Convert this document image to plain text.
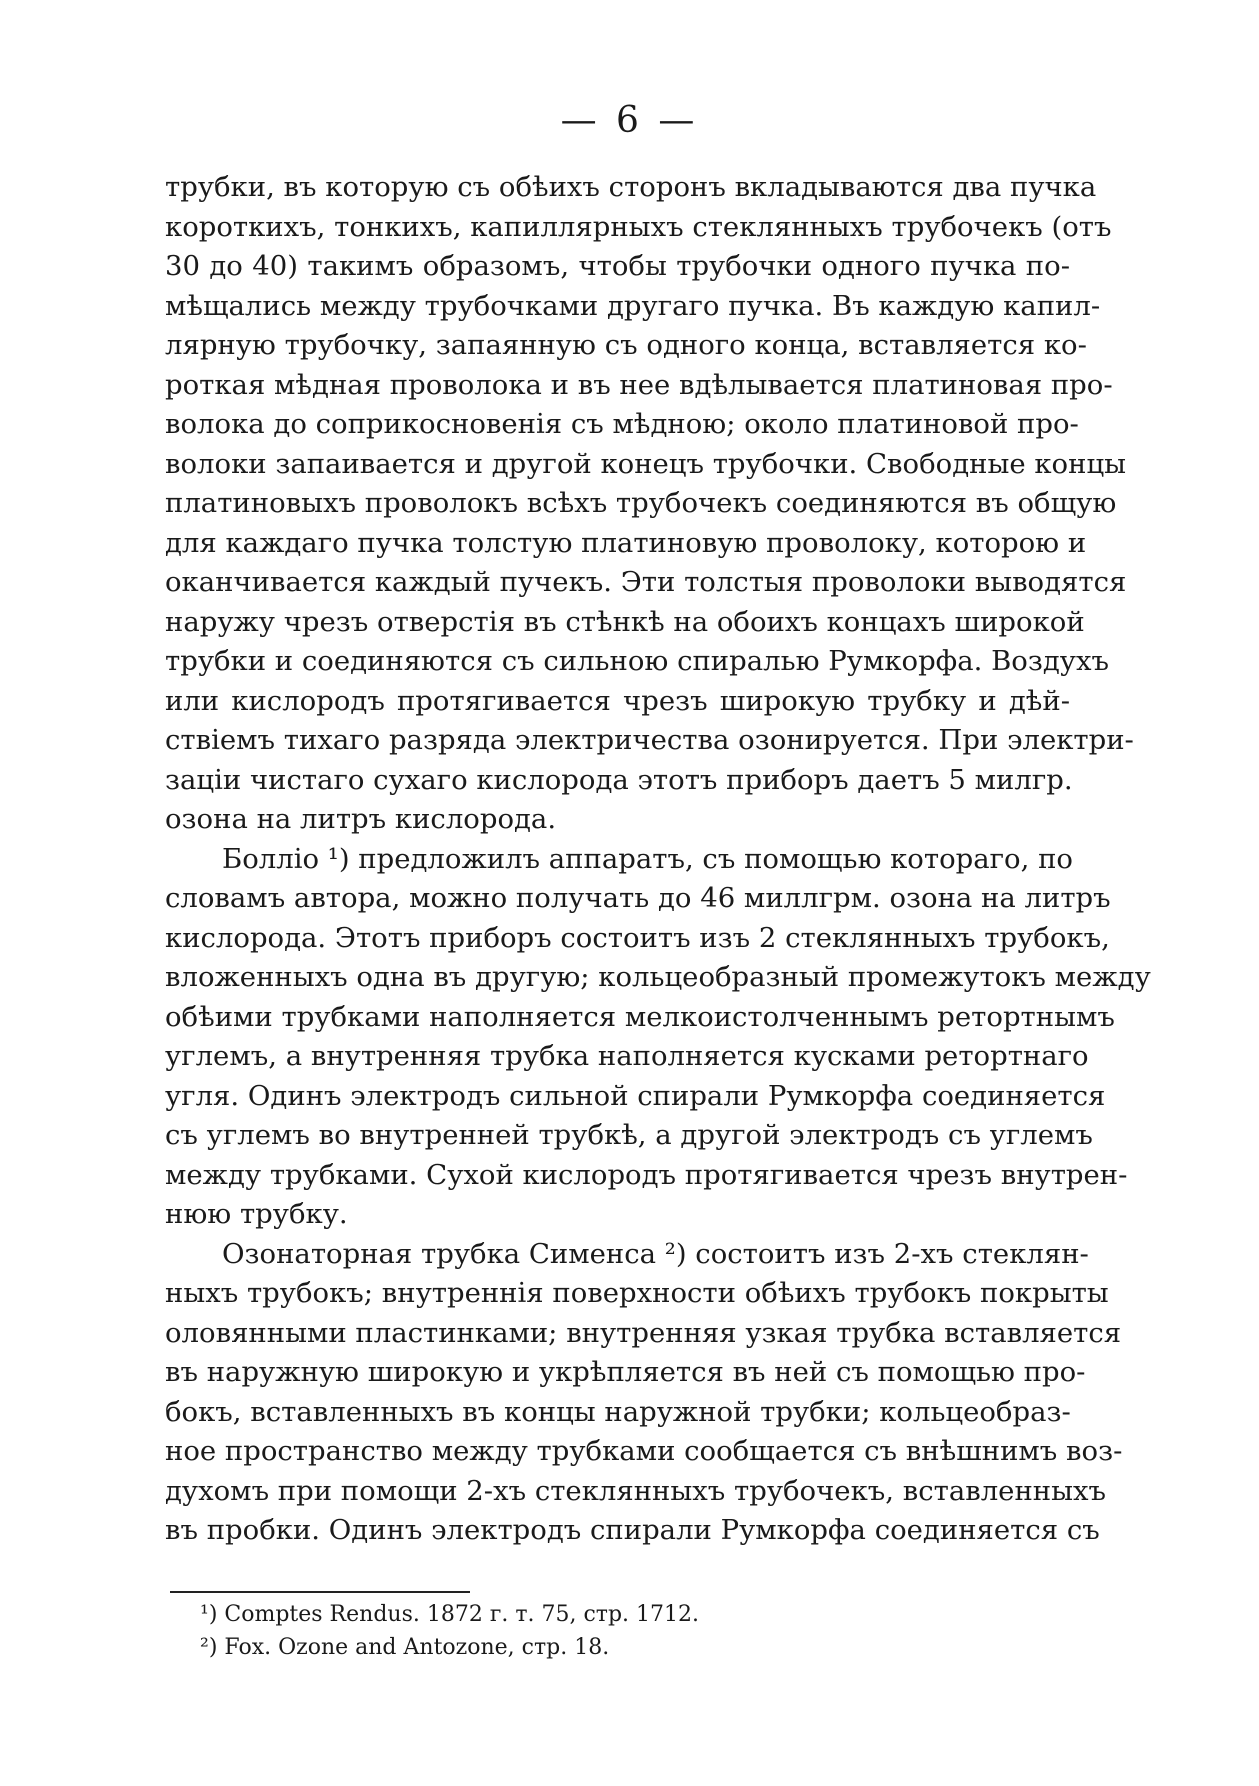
— 6 —
трубки, въ которую съ обѣихъ сторонъ вкладываются два пучка
короткихъ, тонкихъ, капиллярныхъ стеклянныхъ трубочекъ (отъ
30 до 40) такимъ образомъ, чтобы трубочки одного пучка по-
мѣщались между трубочками другаго пучка. Въ каждую капил-
лярную трубочку, запаянную съ одного конца, вставляется ко-
роткая мѣдная проволока и въ нее вдѣлывается платиновая про-
волока до соприкосновенія съ мѣдною; около платиновой про-
волоки запаивается и другой конецъ трубочки. Свободные концы
платиновыхъ проволокъ всѣхъ трубочекъ соединяются въ общую
для каждаго пучка толстую платиновую проволоку, которою и
оканчивается каждый пучекъ. Эти толстыя проволоки выводятся
наружу чрезъ отверстія въ стѣнкѣ на обоихъ концахъ широкой
трубки и соединяются съ сильною спиралью Румкорфа. Воздухъ
или кислородъ протягивается чрезъ широкую трубку и дѣй-
ствіемъ тихаго разряда электричества озонируется. При электри-
заціи чистаго сухаго кислорода этотъ приборъ даетъ 5 милгр.
озона на литръ кислорода.
Болліо ¹) предложилъ аппаратъ, съ помощью котораго, по
словамъ автора, можно получать до 46 миллгрм. озона на литръ
кислорода. Этотъ приборъ состоитъ изъ 2 стеклянныхъ трубокъ,
вложенныхъ одна въ другую; кольцеобразный промежутокъ между
обѣими трубками наполняется мелкоистолченнымъ ретортнымъ
углемъ, а внутренняя трубка наполняется кусками ретортнаго
угля. Одинъ электродъ сильной спирали Румкорфа соединяется
съ углемъ во внутренней трубкѣ, а другой электродъ съ углемъ
между трубками. Сухой кислородъ протягивается чрезъ внутрен-
нюю трубку.
Озонаторная трубка Сименса ²) состоитъ изъ 2-хъ стеклян-
ныхъ трубокъ; внутреннія поверхности обѣихъ трубокъ покрыты
оловянными пластинками; внутренняя узкая трубка вставляется
въ наружную широкую и укрѣпляется въ ней съ помощью про-
бокъ, вставленныхъ въ концы наружной трубки; кольцеобраз-
ное пространство между трубками сообщается съ внѣшнимъ воз-
духомъ при помощи 2-хъ стеклянныхъ трубочекъ, вставленныхъ
въ пробки. Одинъ электродъ спирали Румкорфа соединяется съ
¹) Comptes Rendus. 1872 г. т. 75, стр. 1712.
²) Fox. Ozone and Antozone, стр. 18.
